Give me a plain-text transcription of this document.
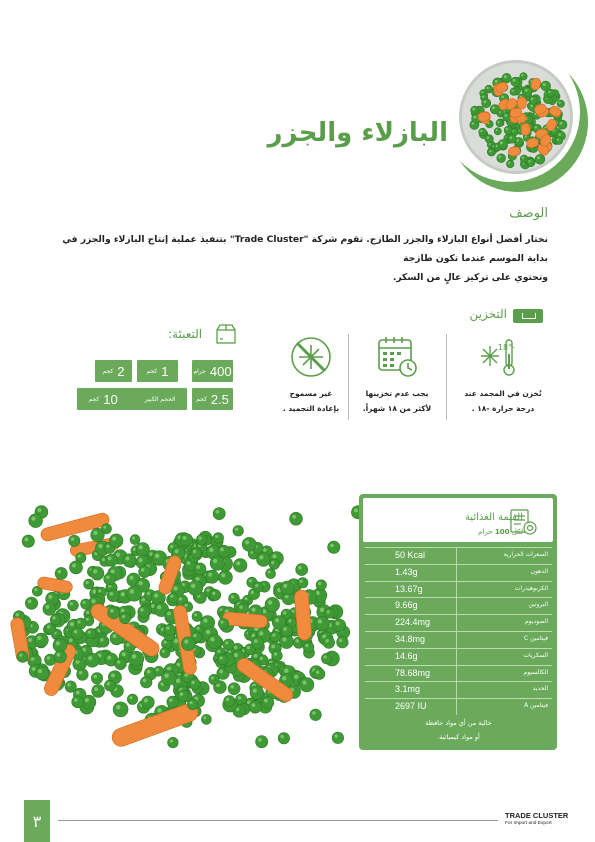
البازلاء والجزر
الوصف
نختار أفضل أنواع البازلاء والجزر الطازج. تقوم شركة "Trade Cluster" بتنفيذ عملية إنتاج البازلاء والجزر في بداية الموسم عندما تكون طازجة
وتحتوي على تركيز عالٍ من السكر.
التخزين
-18°
تُخزن في المجمد عند
درجة حرارة -١٨ .
يجب عدم تخزينها
لأكثر من ١٨ شهراً.
غير مسموح
بإعادة التجميد .
التعبئة:
400
جرام
1
كجم
2
كجم
2.5
كجم
الحجم الكبير
10
كجم
القيمة الغذائية
لكل 100 جرام
50 Kcal	السعرات الحرارية
1.43g	الدهون
13.67g	الكربوهيدرات
9.66g	البروتين
224.4mg	الصوديوم
34.8mg	فيتامين C
14.6g	السكريات
78.68mg	الكالسيوم
3.1mg	الحديد
2697 IU	فيتامين A
خالية من أي مواد حافظة
أو مواد كيميائية.
٣	TRADE CLUSTER
For Import and Export
